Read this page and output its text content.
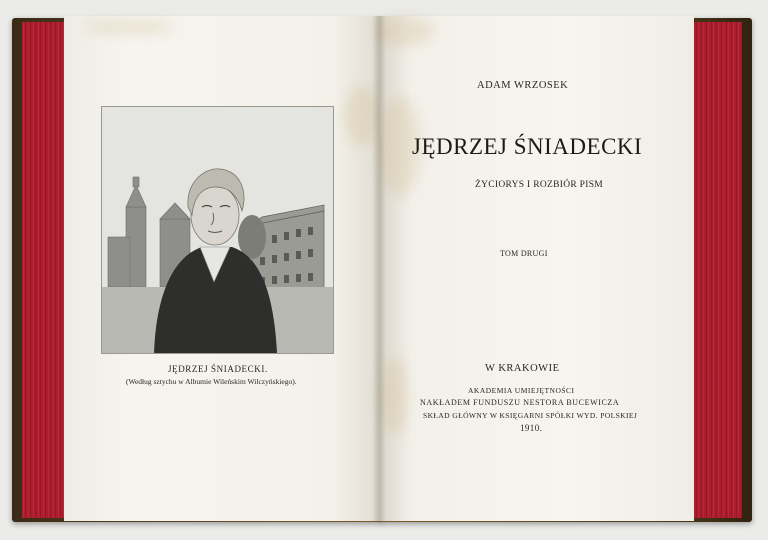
JĘDRZEJ ŚNIADECKI.
(Według sztychu w Albumie Wileńskim Wilczyńskiego).
ADAM WRZOSEK
JĘDRZEJ ŚNIADECKI
ŻYCIORYS I ROZBIÓR PISM
TOM DRUGI
W KRAKOWIE
AKADEMIA UMIEJĘTNOŚCI
NAKŁADEM FUNDUSZU NESTORA BUCEWICZA
SKŁAD GŁÓWNY W KSIĘGARNI SPÓŁKI WYD. POLSKIEJ
1910.
